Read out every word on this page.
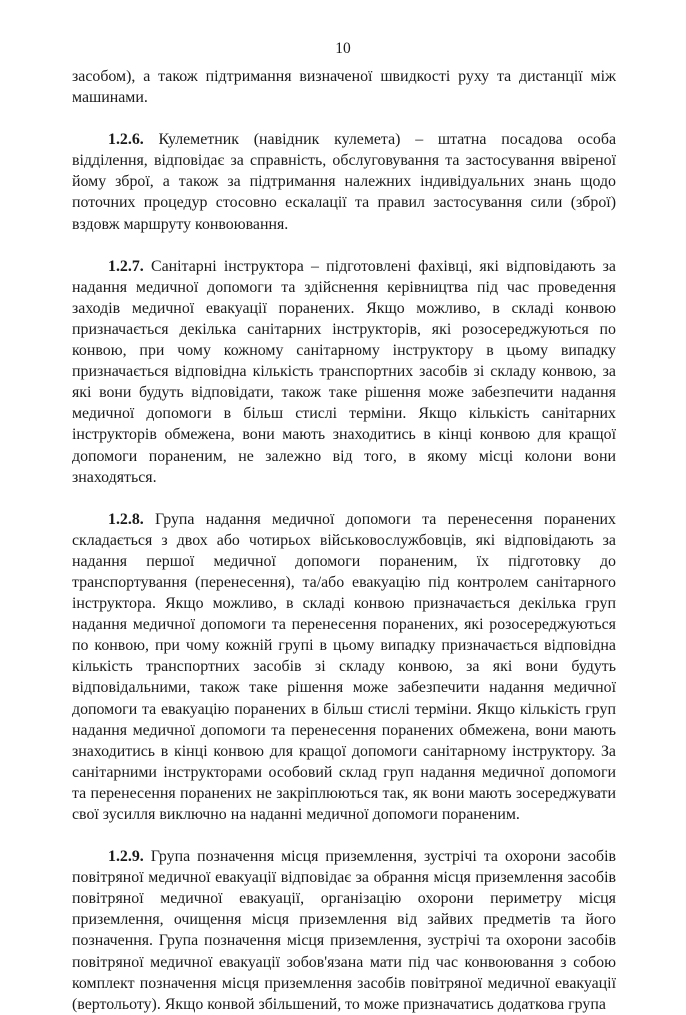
10

засобом), а також підтримання визначеної швидкості руху та дистанції між машинами.

1.2.6. Кулеметник (навідник кулемета) – штатна посадова особа відділення, відповідає за справність, обслуговування та застосування ввіреної йому зброї, а також за підтримання належних індивідуальних знань щодо поточних процедур стосовно ескалації та правил застосування сили (зброї) вздовж маршруту конвоювання.

1.2.7. Санітарні інструктора – підготовлені фахівці, які відповідають за надання медичної допомоги та здійснення керівництва під час проведення заходів медичної евакуації поранених. Якщо можливо, в складі конвою призначається декілька санітарних інструкторів, які розосереджуються по конвою, при чому кожному санітарному інструктору в цьому випадку призначається відповідна кількість транспортних засобів зі складу конвою, за які вони будуть відповідати, також таке рішення може забезпечити надання медичної допомоги в більш стислі терміни. Якщо кількість санітарних інструкторів обмежена, вони мають знаходитись в кінці конвою для кращої допомоги пораненим, не залежно від того, в якому місці колони вони знаходяться.

1.2.8. Група надання медичної допомоги та перенесення поранених складається з двох або чотирьох військовослужбовців, які відповідають за надання першої медичної допомоги пораненим, їх підготовку до транспортування (перенесення), та/або евакуацію під контролем санітарного інструктора. Якщо можливо, в складі конвою призначається декілька груп надання медичної допомоги та перенесення поранених, які розосереджуються по конвою, при чому кожній групі в цьому випадку призначається відповідна кількість транспортних засобів зі складу конвою, за які вони будуть відповідальними, також таке рішення може забезпечити надання медичної допомоги та евакуацію поранених в більш стислі терміни. Якщо кількість груп надання медичної допомоги та перенесення поранених обмежена, вони мають знаходитись в кінці конвою для кращої допомоги санітарному інструктору. За санітарними інструкторами особовий склад груп надання медичної допомоги та перенесення поранених не закріплюються так, як вони мають зосереджувати свої зусилля виключно на наданні медичної допомоги пораненим.

1.2.9. Група позначення місця приземлення, зустрічі та охорони засобів повітряної медичної евакуації відповідає за обрання місця приземлення засобів повітряної медичної евакуації, організацію охорони периметру місця приземлення, очищення місця приземлення від зайвих предметів та його позначення. Група позначення місця приземлення, зустрічі та охорони засобів повітряної медичної евакуації зобов'язана мати під час конвоювання з собою комплект позначення місця приземлення засобів повітряної медичної евакуації (вертольоту). Якщо конвой збільшений, то може призначатись додаткова група
